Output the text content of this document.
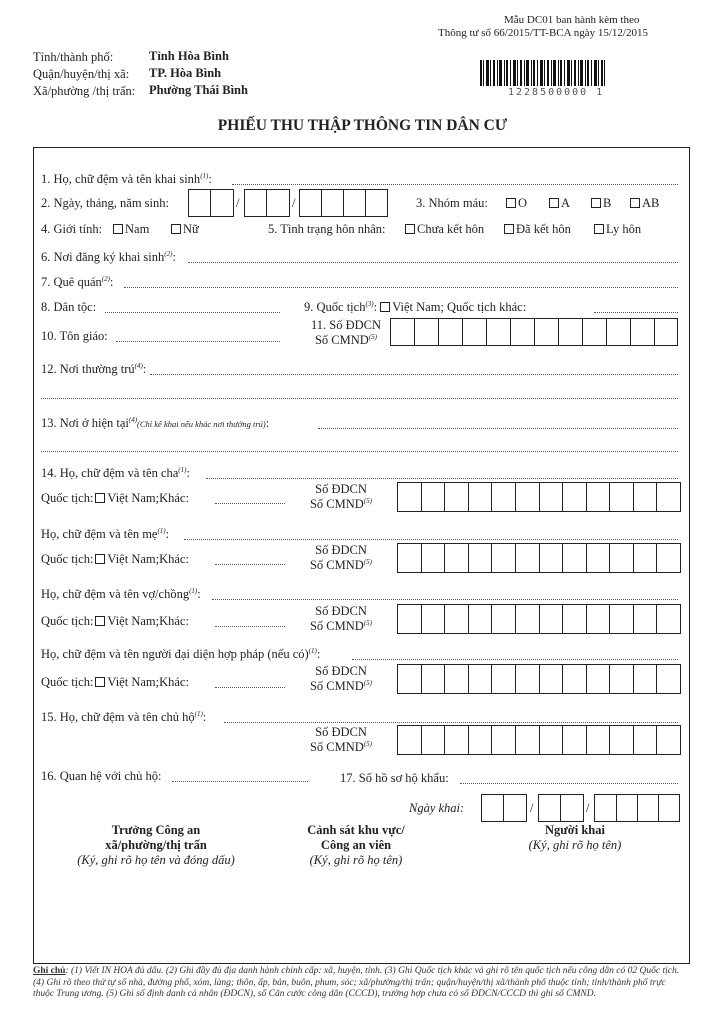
Mẫu DC01 ban hành kèm theo
Thông tư số 66/2015/TT-BCA ngày 15/12/2015
Tỉnh/thành phố:	Tỉnh Hòa Bình
Quận/huyện/thị xã: TP. Hòa Bình
Xã/phường /thị trấn: Phường Thái Bình	1228500000 1
PHIẾU THU THẬP THÔNG TIN DÂN CƯ
1. Họ, chữ đệm và tên khai $\sinh^{(1)}$:
2. Ngày, tháng, năm sinh:	/	/	3. Nhóm máu:	O	A	B	AB
4. Giới tính:	Nam	Nữ	5. Tình trạng hôn nhân:	Chưa kết hôn	Đã kết hôn	Ly hôn
6. Nơi đăng ký khai $\sinh^{(2)}$:
7. Quê quán$^{(2)}$:
8. Dân tộc:	9. Quốc tịch$^{(3)}$: Việt Nam; Quốc tịch khác:
10. Tôn giáo:
11. Số ĐDCN
Số CMND$^{(5)}$
12. Nơi thường trú$^{(4)}$:
13. Nơi ở hiện tại$^{(4)}$(Chỉ kê khai nếu khác nơi thường trú):
14. Họ, chữ đệm và tên cha$^{(1)}$:
Quốc tịch: Việt Nam;Khác:
Số ĐDCN
Số CMND$^{(5)}$
Họ, chữ đệm và tên mẹ$^{(1)}$:
Quốc tịch: Việt Nam;Khác:
Số ĐDCN
Số CMND$^{(5)}$
Họ, chữ đệm và tên vợ/chồng$^{(1)}$:
Quốc tịch: Việt Nam;Khác:
Số ĐDCN
Số CMND$^{(5)}$
Họ, chữ đệm và tên người đại diện hợp pháp (nếu có)$^{(1)}$:
Quốc tịch: Việt Nam;Khác:
Số ĐDCN
Số CMND$^{(5)}$
15. Họ, chữ đệm và tên chủ hộ$^{(1)}$:
Số ĐDCN
Số CMND$^{(5)}$
16. Quan hệ với chủ hộ:	17. Số hồ sơ hộ khẩu:
Ngày khai:	/	/
Trưởng Công an
xã/phường/thị trấn
(Ký, ghi rõ họ tên và đóng dấu)
Cảnh sát khu vực/
Công an viên
(Ký, ghi rõ họ tên)
Người khai
(Ký, ghi rõ họ tên)
Ghi chú: (1) Viết IN HOA đủ dấu. (2) Ghi đầy đủ địa danh hành chính cấp: xã, huyện, tỉnh. (3) Ghi Quốc tịch khác và ghi rõ tên quốc tịch nếu công dân có 02 Quốc tịch.
(4) Ghi rõ theo thứ tự số nhà, đường phố, xóm, làng; thôn, ấp, bản, buôn, phum, sóc; xã/phường/thị trấn; quận/huyện/thị xã/thành phố thuộc tỉnh; tỉnh/thành phố trực
thuộc Trung ương. (5) Ghi số định danh cá nhân (ĐDCN), số Căn cước công dân (CCCD), trường hợp chưa có số ĐDCN/CCCD thì ghi số CMND.
